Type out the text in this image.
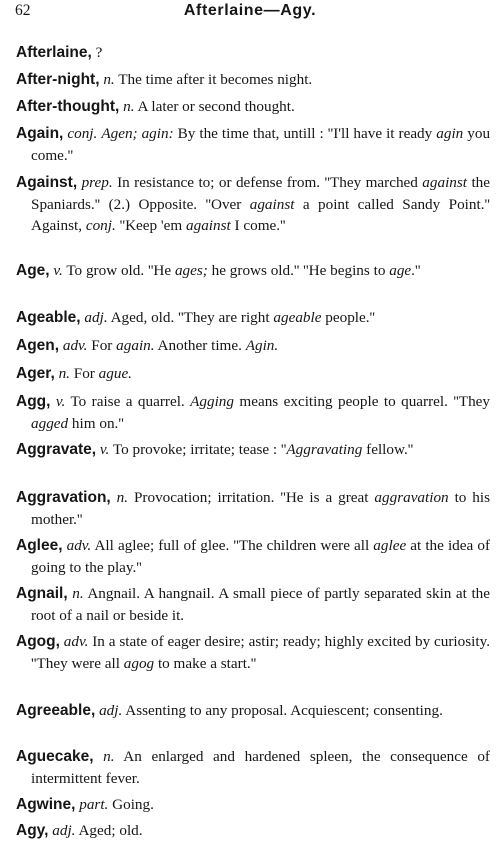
62	Afterlaine—Agy.

Afterlaine, ?

After-night, n. The time after it becomes night.

After-thought, n. A later or second thought.

Again, conj. Agen; agin: By the time that, untill : ''I'll have it ready agin you come.''

Against, prep. In resistance to; or defense from. ''They marched against the Spaniards.'' (2.) Opposite. ''Over against a point called Sandy Point.'' Against, conj. ''Keep 'em against I come.''

Age, v. To grow old. ''He ages; he grows old.'' ''He begins to age.''

Ageable, adj. Aged, old. ''They are right ageable people.''

Agen, adv. For again. Another time. Agin.

Ager, n. For ague.

Agg, v. To raise a quarrel. Agging means exciting people to quarrel. ''They agged him on.''

Aggravate, v. To provoke; irritate; tease : ''Aggravating fellow.''

Aggravation, n. Provocation; irritation. ''He is a great aggravation to his mother.''

Aglee, adv. All aglee; full of glee. ''The children were all aglee at the idea of going to the play.''

Agnail, n. Angnail. A hangnail. A small piece of partly separated skin at the root of a nail or beside it.

Agog, adv. In a state of eager desire; astir; ready; highly excited by curiosity. ''They were all agog to make a start.''

Agreeable, adj. Assenting to any proposal. Acquiescent; consenting.

Aguecake, n. An enlarged and hardened spleen, the consequence of intermittent fever.

Agwine, part. Going.

Agy, adj. Aged; old.
